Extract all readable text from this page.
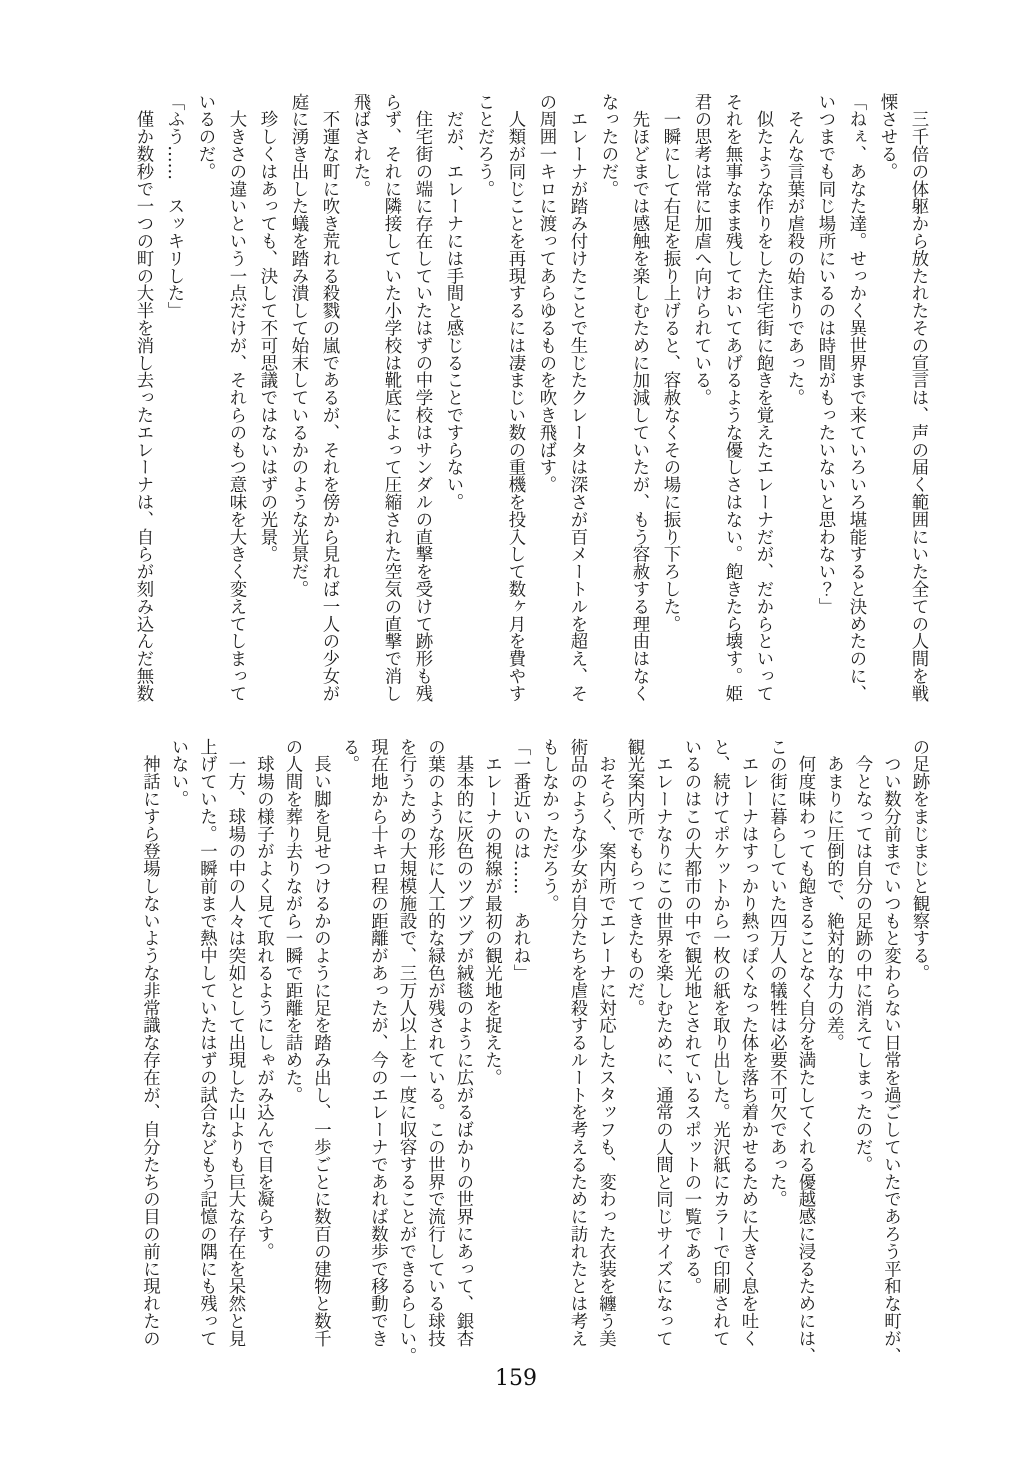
　三千倍の体躯から放たれたその宣言は、声の届く範囲にいた全ての人間を戦

慄させる。

「ねぇ、あなた達。せっかく異世界まで来ていろいろ堪能すると決めたのに、

いつまでも同じ場所にいるのは時間がもったいないと思わない？」

　そんな言葉が虐殺の始まりであった。

　似たような作りをした住宅街に飽きを覚えたエレーナだが、だからといって

それを無事なまま残しておいてあげるような優しさはない。飽きたら壊す。姫

君の思考は常に加虐へ向けられている。

　一瞬にして右足を振り上げると、容赦なくその場に振り下ろした。

　先ほどまでは感触を楽しむために加減していたが、もう容赦する理由はなく

なったのだ。

　エレーナが踏み付けたことで生じたクレータは深さが百メートルを超え、そ

の周囲一キロに渡ってあらゆるものを吹き飛ばす。

　人類が同じことを再現するには凄まじい数の重機を投入して数ヶ月を費やす

ことだろう。

　だが、エレーナには手間と感じることですらない。

　住宅街の端に存在していたはずの中学校はサンダルの直撃を受けて跡形も残

らず、それに隣接していた小学校は靴底によって圧縮された空気の直撃で消し

飛ばされた。

　不運な町に吹き荒れる殺戮の嵐であるが、それを傍から見れば一人の少女が

庭に湧き出した蟻を踏み潰して始末しているかのような光景だ。

　珍しくはあっても、決して不可思議ではないはずの光景。

　大きさの違いという一点だけが、それらのもつ意味を大きく変えてしまって

いるのだ。

「ふう……　スッキリした」

　僅か数秒で一つの町の大半を消し去ったエレーナは、自らが刻み込んだ無数

の足跡をまじまじと観察する。

　つい数分前までいつもと変わらない日常を過ごしていたであろう平和な町が、

　今となっては自分の足跡の中に消えてしまったのだ。

　あまりに圧倒的で、絶対的な力の差。

　何度味わっても飽きることなく自分を満たしてくれる優越感に浸るためには、

この街に暮らしていた四万人の犠牲は必要不可欠であった。

　エレーナはすっかり熱っぽくなった体を落ち着かせるために大きく息を吐く

と、続けてポケットから一枚の紙を取り出した。光沢紙にカラーで印刷されて

いるのはこの大都市の中で観光地とされているスポットの一覧である。

　エレーナなりにこの世界を楽しむために、通常の人間と同じサイズになって

観光案内所でもらってきたものだ。

　おそらく、案内所でエレーナに対応したスタッフも、変わった衣装を纏う美

術品のような少女が自分たちを虐殺するルートを考えるために訪れたとは考え

もしなかっただろう。

「一番近いのは……　あれね」

　エレーナの視線が最初の観光地を捉えた。

　基本的に灰色のツブツブが絨毯のように広がるばかりの世界にあって、銀杏

の葉のような形に人工的な緑色が残されている。この世界で流行している球技

を行うための大規模施設で、三万人以上を一度に収容することができるらしい。

現在地から十キロ程の距離があったが、今のエレーナであれば数歩で移動でき

る。

　長い脚を見せつけるかのように足を踏み出し、一歩ごとに数百の建物と数千

の人間を葬り去りながら一瞬で距離を詰めた。

　球場の様子がよく見て取れるようにしゃがみ込んで目を凝らす。

　一方、球場の中の人々は突如として出現した山よりも巨大な存在を呆然と見

上げていた。一瞬前まで熱中していたはずの試合などもう記憶の隅にも残って

いない。

　神話にすら登場しないような非常識な存在が、自分たちの目の前に現れたの

159
